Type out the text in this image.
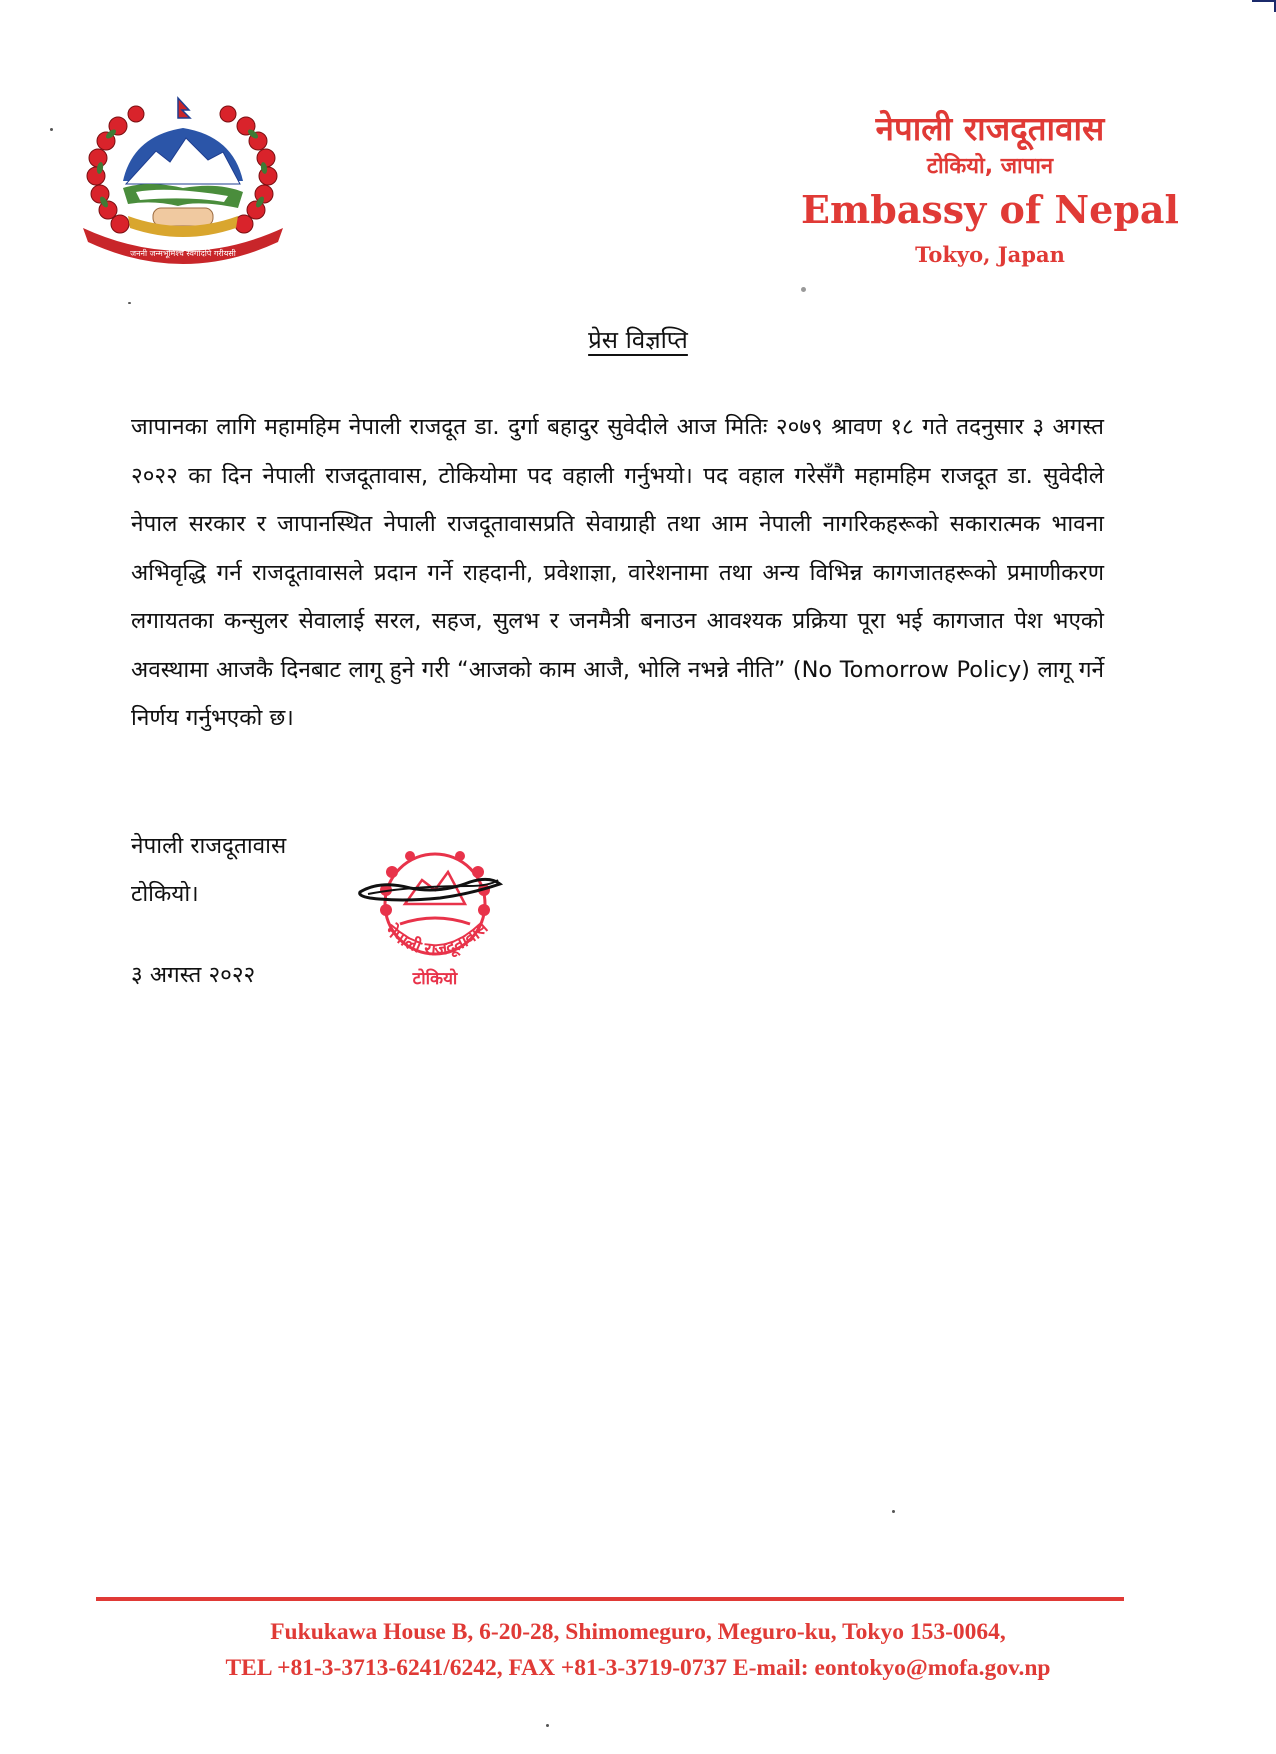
जननी जन्मभूमिश्च स्वर्गादपि गरीयसी
नेपाली राजदूतावास
टोकियो, जापान
Embassy of Nepal
Tokyo, Japan
प्रेस विज्ञप्ति
जापानका लागि महामहिम नेपाली राजदूत डा. दुर्गा बहादुर सुवेदीले आज मितिः २०७९ श्रावण १८ गते तदनुसार ३ अगस्त २०२२ का दिन नेपाली राजदूतावास, टोकियोमा पद वहाली गर्नुभयो। पद वहाल गरेसँगै महामहिम राजदूत डा. सुवेदीले नेपाल सरकार र जापानस्थित नेपाली राजदूतावासप्रति सेवाग्राही तथा आम नेपाली नागरिकहरूको सकारात्मक भावना अभिवृद्धि गर्न राजदूतावासले प्रदान गर्ने राहदानी, प्रवेशाज्ञा, वारेशनामा तथा अन्य विभिन्न कागजातहरूको प्रमाणीकरण लगायतका कन्सुलर सेवालाई सरल, सहज, सुलभ र जनमैत्री बनाउन आवश्यक प्रक्रिया पूरा भई कागजात पेश भएको अवस्थामा आजकै दिनबाट लागू हुने गरी “आजको काम आजै, भोलि नभन्ने नीति” (No Tomorrow Policy) लागू गर्ने निर्णय गर्नुभएको छ।
नेपाली राजदूतावास
टोकियो।
३ अगस्त २०२२
नेपाली राजदूतावास
टोकियो
Fukukawa House B, 6-20-28, Shimomeguro, Meguro-ku, Tokyo 153-0064,
TEL +81-3-3713-6241/6242, FAX +81-3-3719-0737 E-mail: eontokyo@mofa.gov.np
